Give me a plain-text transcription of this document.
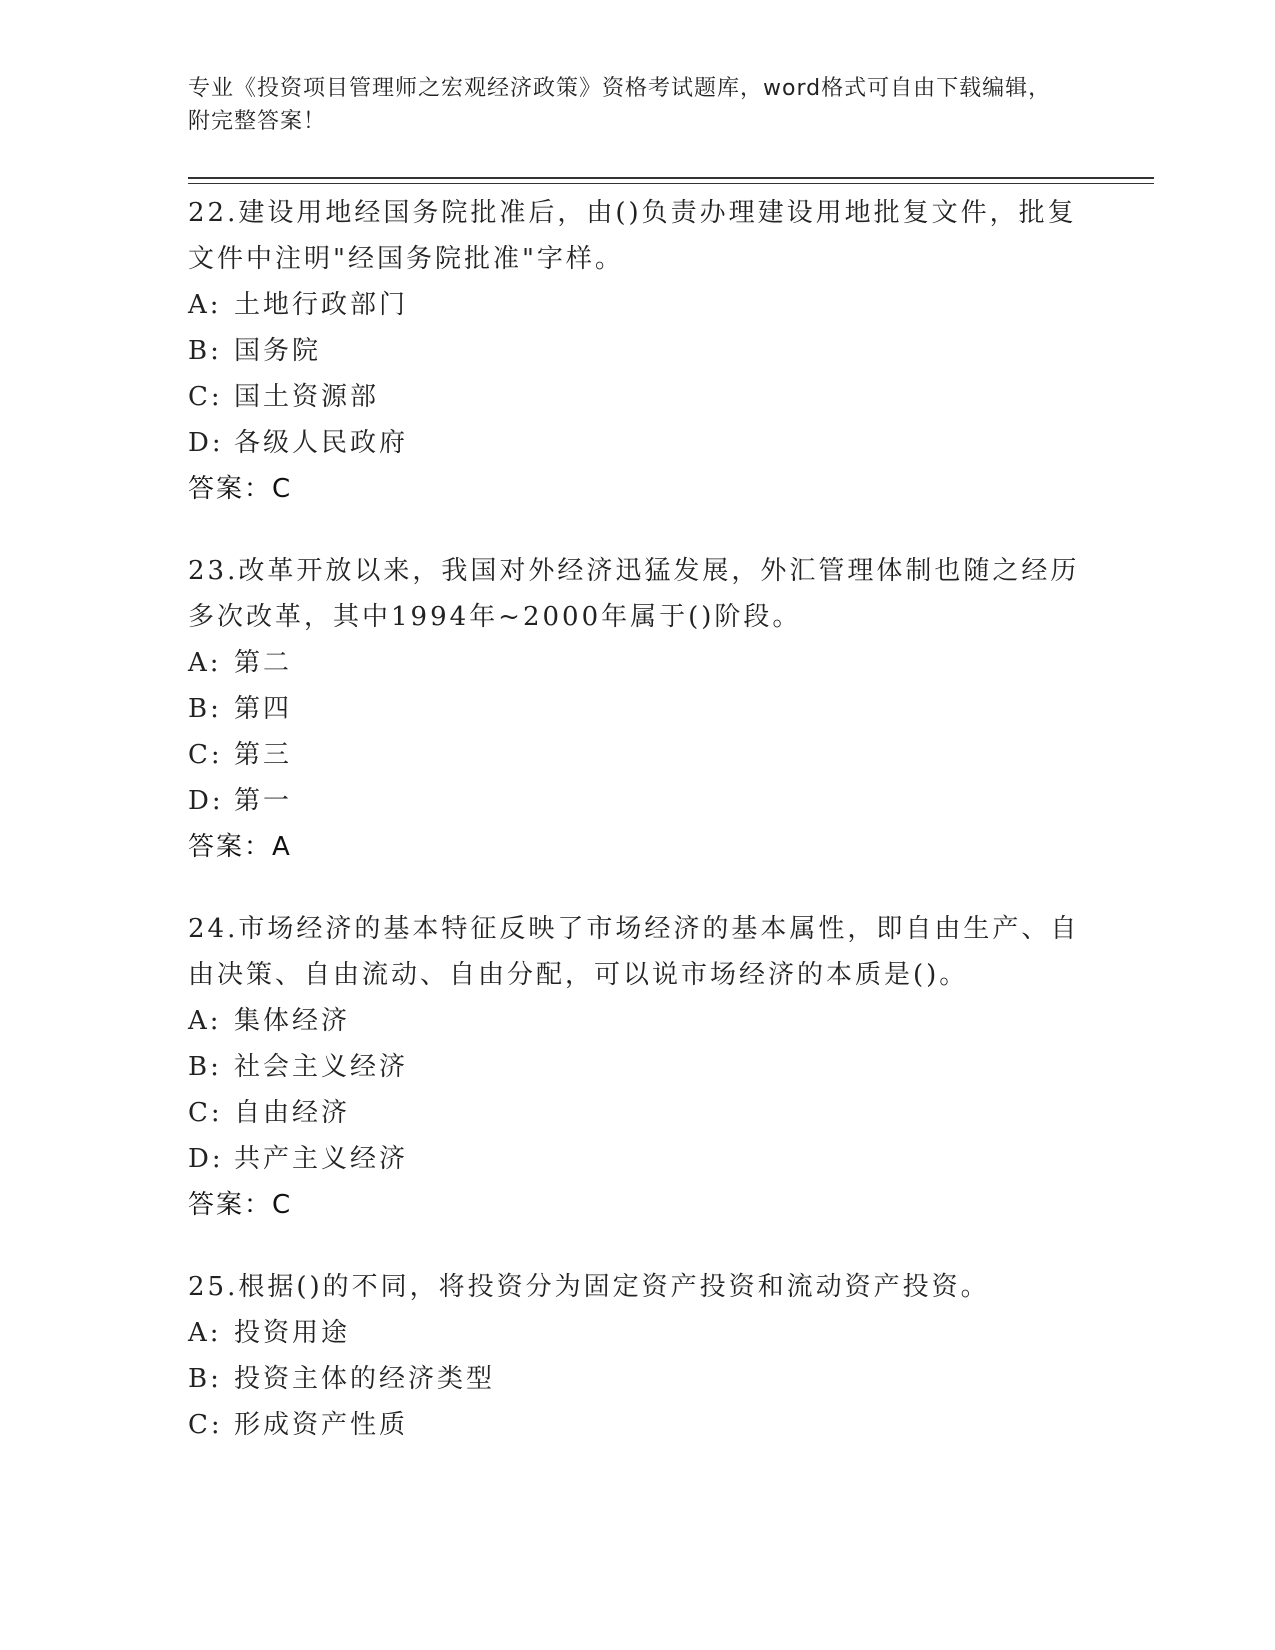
专业《投资项目管理师之宏观经济政策》资格考试题库，word格式可自由下载编辑，附完整答案！
22.建设用地经国务院批准后，由()负责办理建设用地批复文件，批复文件中注明"经国务院批准"字样。
A: 土地行政部门
B: 国务院
C: 国土资源部
D: 各级人民政府
答案：C
23.改革开放以来，我国对外经济迅猛发展，外汇管理体制也随之经历多次改革，其中1994年~2000年属于()阶段。
A: 第二
B: 第四
C: 第三
D: 第一
答案：A
24.市场经济的基本特征反映了市场经济的基本属性，即自由生产、自由决策、自由流动、自由分配，可以说市场经济的本质是()。
A: 集体经济
B: 社会主义经济
C: 自由经济
D: 共产主义经济
答案：C
25.根据()的不同，将投资分为固定资产投资和流动资产投资。
A: 投资用途
B: 投资主体的经济类型
C: 形成资产性质
